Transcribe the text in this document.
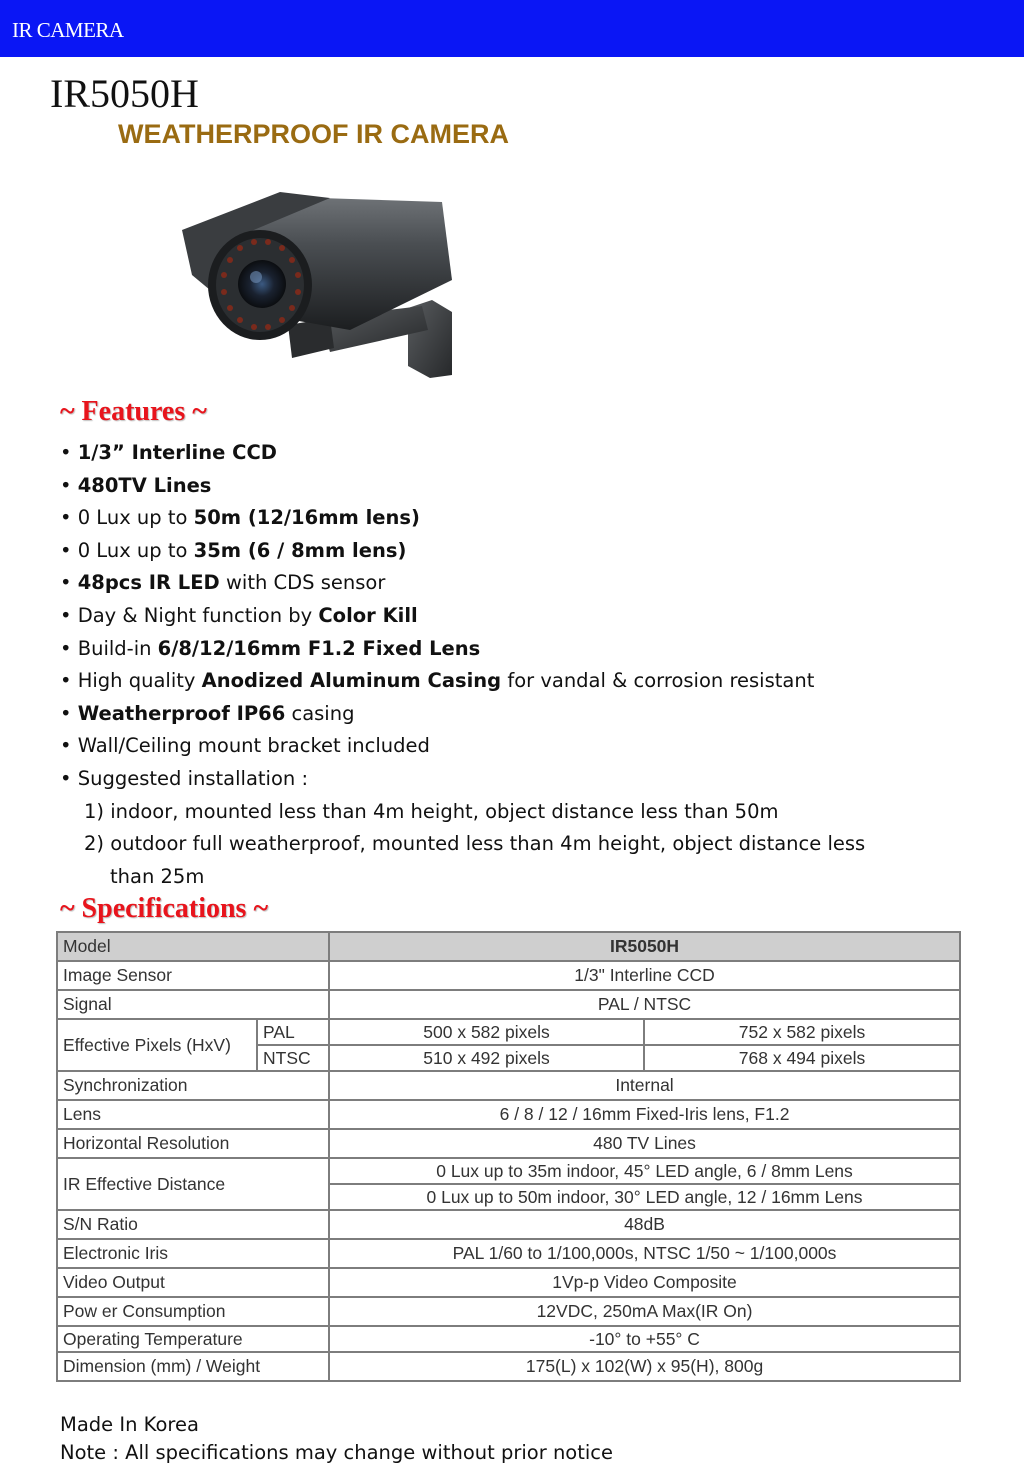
IR CAMERA
IR5050H
WEATHERPROOF IR CAMERA
~ Features ~
• 1/3” Interline CCD
• 480TV Lines
• 0 Lux up to 50m (12/16mm lens)
• 0 Lux up to 35m (6 / 8mm lens)
• 48pcs IR LED with CDS sensor
• Day & Night function by Color Kill
• Build-in 6/8/12/16mm F1.2 Fixed Lens
• High quality Anodized Aluminum Casing for vandal & corrosion resistant
• Weatherproof IP66 casing
• Wall/Ceiling mount bracket included
• Suggested installation :
1) indoor, mounted less than 4m height, object distance less than 50m
2) outdoor full weatherproof, mounted less than 4m height, object distance less
than 25m
~ Specifications ~
Model		IR5050H	
Image Sensor		1/3" Interline CCD	
Signal		PAL / NTSC	
Effective Pixels (HxV)	PAL	500 x 582 pixels	752 x 582 pixels
	NTSC	510 x 492 pixels	768 x 494 pixels
Synchronization		Internal	
Lens		6 / 8 / 12 / 16mm Fixed-Iris lens, F1.2	
Horizontal Resolution		480 TV Lines	
IR Effective Distance		0 Lux up to 35m indoor, 45° LED angle, 6 / 8mm Lens	
		0 Lux up to 50m indoor, 30° LED angle, 12 / 16mm Lens	
S/N Ratio		48dB	
Electronic Iris		PAL 1/60 to 1/100,000s, NTSC 1/50 ~ 1/100,000s	
Video Output		1Vp-p Video Composite	
Pow er Consumption		12VDC, 250mA Max(IR On)	
Operating Temperature		-10° to +55° C	
Dimension (mm) / Weight		175(L) x 102(W) x 95(H), 800g	
Made In Korea
Note : All specifications may change without prior notice
